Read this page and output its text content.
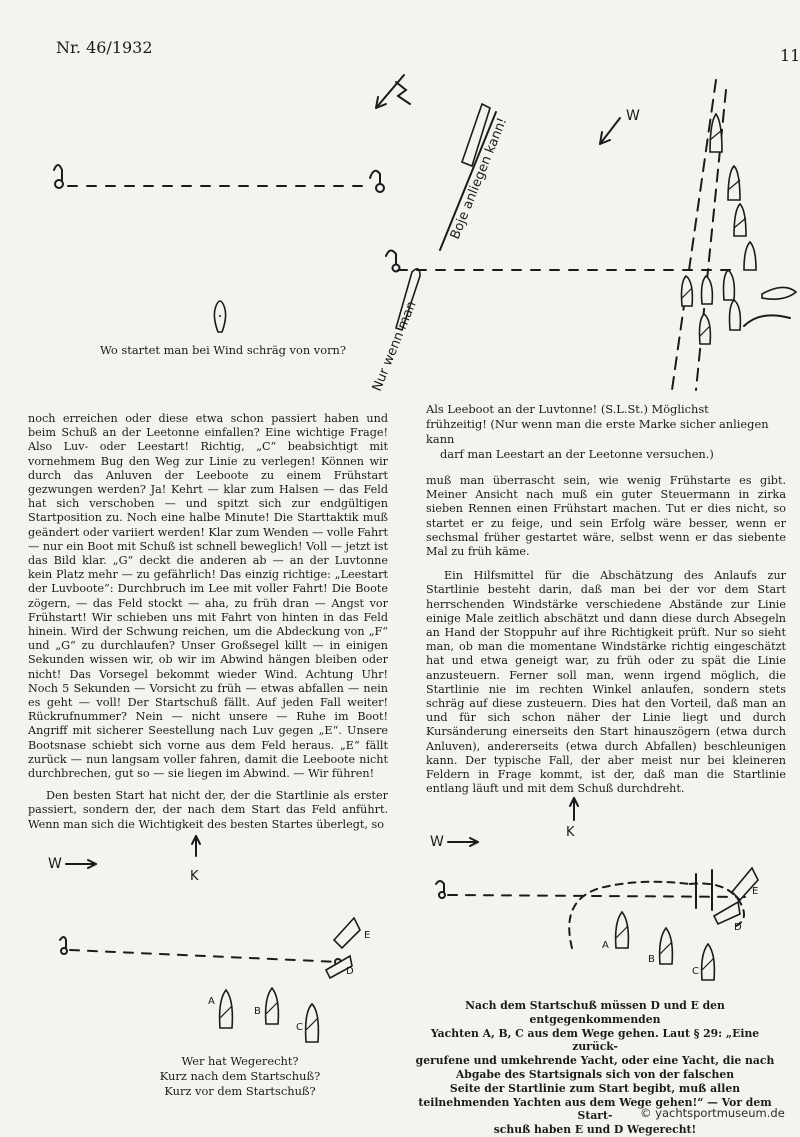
Nr. 46/1932	11
Wo startet man bei Wind schräg von vorn?
Boje anliegen kann!
Nur wenn man
W
Als Leeboot an der Luvtonne! (S.L.St.) Möglichst
frühzeitig! (Nur wenn man die erste Marke sicher anliegen kann
darf man Leestart an der Leetonne versuchen.)

noch erreichen oder diese etwa schon passiert haben und beim Schuß an der Leetonne einfallen? Eine wichtige Frage! Also Luv- oder Leestart! Richtig, „C“ beabsichtigt mit vornehmem Bug den Weg zur Linie zu verlegen! Können wir durch das Anluven der Leeboote zu einem Frühstart gezwungen werden? Ja! Kehrt — klar zum Halsen — das Feld hat sich verschoben — und spitzt sich zur endgültigen Startposition zu. Noch eine halbe Minute! Die Starttaktik muß geändert oder variiert werden! Klar zum Wenden — volle Fahrt — nur ein Boot mit Schuß ist schnell beweglich! Voll — jetzt ist das Bild klar. „G“ deckt die anderen ab — an der Luvtonne kein Platz mehr — zu gefährlich! Das einzig richtige: „Leestart der Luvboote“: Durchbruch im Lee mit voller Fahrt! Die Boote zögern, — das Feld stockt — aha, zu früh dran — Angst vor Frühstart! Wir schieben uns mit Fahrt von hinten in das Feld hinein. Wird der Schwung reichen, um die Abdeckung von „F“ und „G“ zu durchlaufen? Unser Großsegel killt — in einigen Sekunden wissen wir, ob wir im Abwind hängen bleiben oder nicht! Das Vorsegel bekommt wieder Wind. Achtung Uhr! Noch 5 Sekunden — Vorsicht zu früh — etwas abfallen — nein es geht — voll! Der Startschuß fällt. Auf jeden Fall weiter! Rückrufnummer? Nein — nicht unsere — Ruhe im Boot! Angriff mit sicherer Seestellung nach Luv gegen „E“. Unsere Bootsnase schiebt sich vorne aus dem Feld heraus. „E“ fällt zurück — nun langsam voller fahren, damit die Leeboote nicht durchbrechen, gut so — sie liegen im Abwind. — Wir führen!

Den besten Start hat nicht der, der die Startlinie als erster passiert, sondern der, der nach dem Start das Feld anführt. Wenn man sich die Wichtigkeit des besten Startes überlegt, so

muß man überrascht sein, wie wenig Frühstarte es gibt. Meiner Ansicht nach muß ein guter Steuermann in zirka sieben Rennen einen Frühstart machen. Tut er dies nicht, so startet er zu feige, und sein Erfolg wäre besser, wenn er sechsmal früher gestartet wäre, selbst wenn er das siebente Mal zu früh käme.

Ein Hilfsmittel für die Abschätzung des Anlaufs zur Startlinie besteht darin, daß man bei der vor dem Start herrschenden Windstärke verschiedene Abstände zur Linie einige Male zeitlich abschätzt und dann diese durch Absegeln an Hand der Stoppuhr auf ihre Richtigkeit prüft. Nur so sieht man, ob man die momentane Windstärke richtig eingeschätzt hat und etwa geneigt war, zu früh oder zu spät die Linie anzusteuern. Ferner soll man, wenn irgend möglich, die Startlinie nie im rechten Winkel anlaufen, sondern stets schräg auf diese zusteuern. Dies hat den Vorteil, daß man an und für sich schon näher der Linie liegt und durch Kursänderung einerseits den Start hinauszögern (etwa durch Anluven), andererseits (etwa durch Abfallen) beschleunigen kann. Der typische Fall, der aber meist nur bei kleineren Feldern in Frage kommt, ist der, daß man die Startlinie entlang läuft und mit dem Schuß durchdreht.

W
K
E
D
A
B
C
Wer hat Wegerecht?
Kurz nach dem Startschuß?
Kurz vor dem Startschuß?
K
W
E
D
A
B
C
Nach dem Startschuß müssen D und E den entgegenkommenden
Yachten A, B, C aus dem Wege gehen. Laut § 29: „Eine zurück-
gerufene und umkehrende Yacht, oder eine Yacht, die nach
Abgabe des Startsignals sich von der falschen
Seite der Startlinie zum Start begibt, muß allen
teilnehmenden Yachten aus dem Wege gehen!“ — Vor dem Start-
schuß haben E und D Wegerecht!
© yachtsportmuseum.de
